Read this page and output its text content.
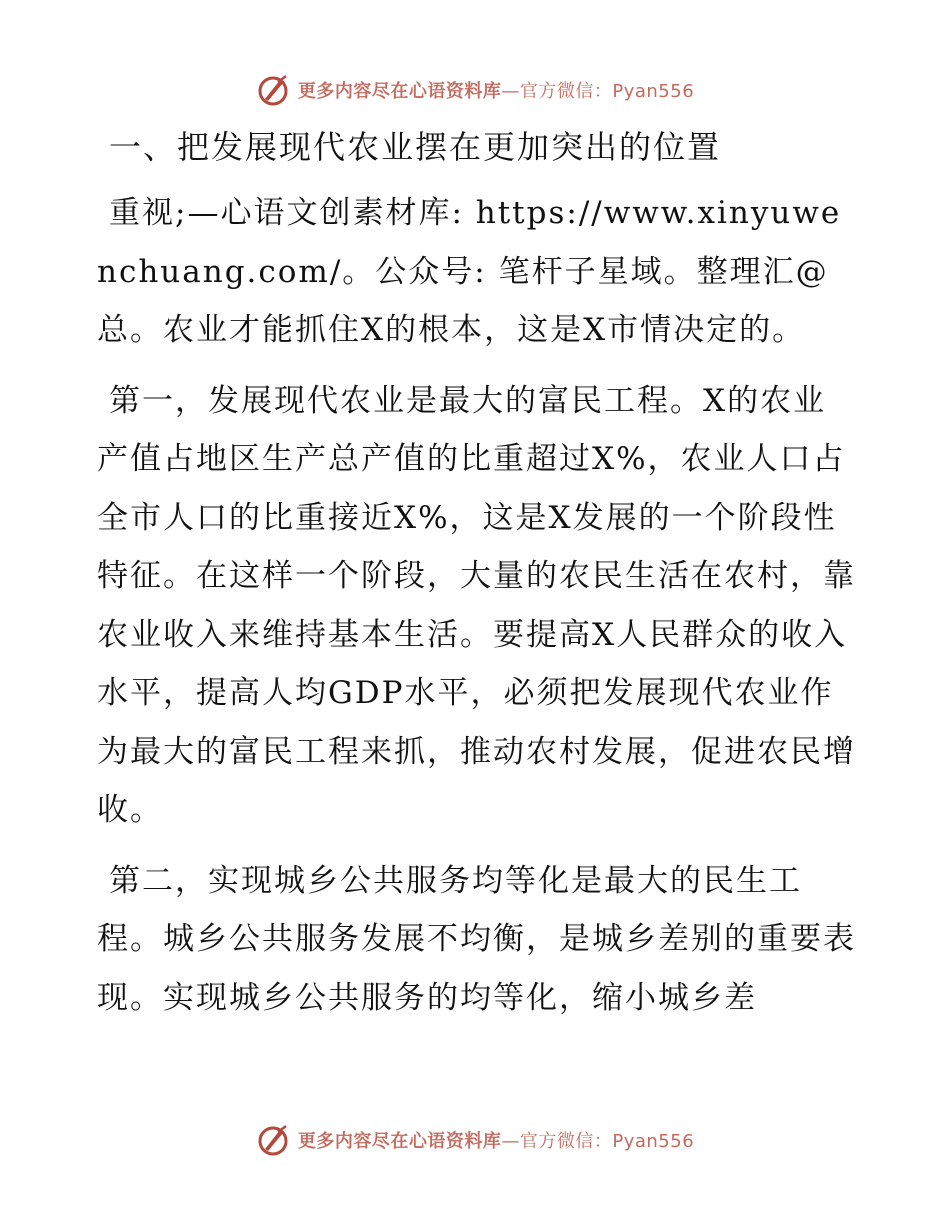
更多内容尽在心语资料库—官方微信：Pyan556
一、把发展现代农业摆在更加突出的位置

重视;—心语文创素材库: https://www.xinyuwenchuang.com/。公众号: 笔杆子星域。整理汇@总。农业才能抓住X的根本，这是X市情决定的。

第一，发展现代农业是最大的富民工程。X的农业产值占地区生产总产值的比重超过X%，农业人口占全市人口的比重接近X%，这是X发展的一个阶段性特征。在这样一个阶段，大量的农民生活在农村，靠农业收入来维持基本生活。要提高X人民群众的收入水平，提高人均GDP水平，必须把发展现代农业作为最大的富民工程来抓，推动农村发展，促进农民增收。

第二，实现城乡公共服务均等化是最大的民生工程。城乡公共服务发展不均衡，是城乡差别的重要表现。实现城乡公共服务的均等化，缩小城乡差

更多内容尽在心语资料库—官方微信：Pyan556
